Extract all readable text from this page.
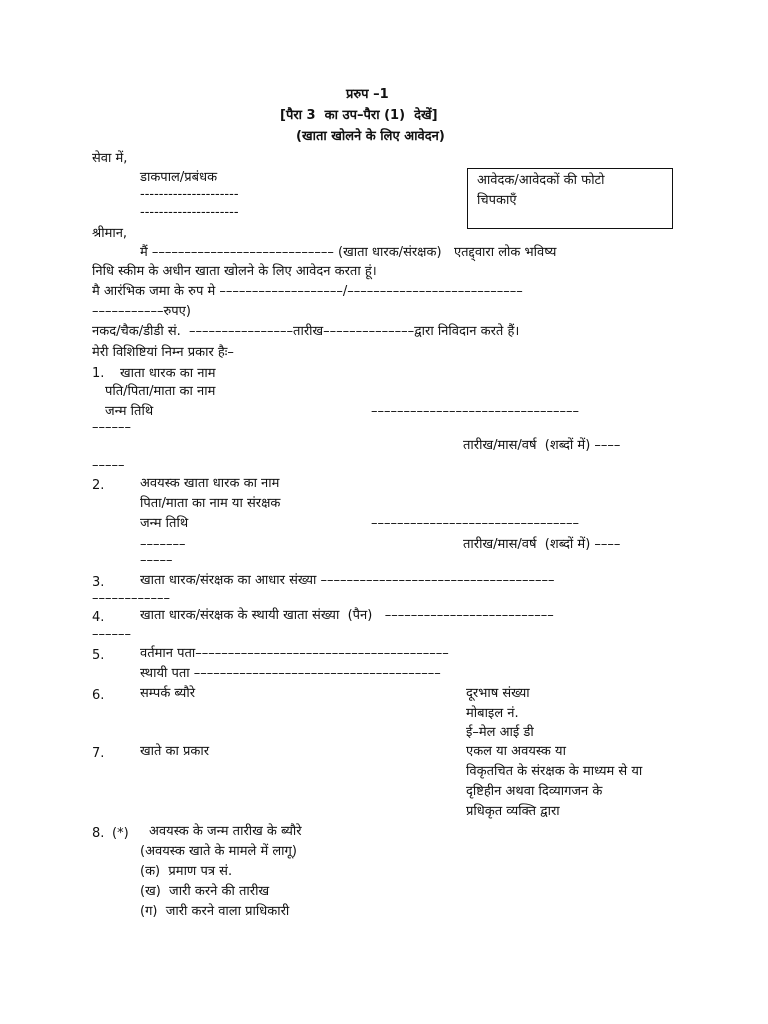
प्ररुप –1
[पैरा 3  का उप–पैरा (1)  देखें]
(खाता खोलने के लिए आवेदन)
सेवा में,
डाकपाल/प्रबंधक
---------------------
---------------------
आवेदक/आवेदकों की फोटो
चिपकाएँ
श्रीमान,
मैं –––––––––––––––––––––––––––– (खाता धारक/संरक्षक)   एतद्द्वारा लोक भविष्य
निधि स्कीम के अधीन खाता खोलने के लिए आवेदन करता हूं।
मै आरंभिक जमा के रुप मे –––––––––––––––––––/–––––––––––––––––––––––––––
–––––––––––रुपए)
नकद/चैक/डीडी सं.  ––––––––––––––––तारीख––––––––––––––द्वारा निविदान करते हैं।
मेरी विशिष्टियां निम्न प्रकार हैः–
1. खाता धारक का नाम
पति/पिता/माता का नाम
जन्म तिथि	––––––––––––––––––––––––––––––––
––––––
तारीख/मास/वर्ष  (शब्दों में) ––––
–––––
2.	अवयस्क खाता धारक का नाम
पिता/माता का नाम या संरक्षक
जन्म तिथि	––––––––––––––––––––––––––––––––
–––––––	तारीख/मास/वर्ष  (शब्दों में) ––––
–––––
3.	खाता धारक/संरक्षक का आधार संख्या ––––––––––––––––––––––––––––––––––––
––––––––––––
4.	खाता धारक/संरक्षक के स्थायी खाता संख्या  (पैन)   ––––––––––––––––––––––––––
––––––
5.	वर्तमान पता–––––––––––––––––––––––––––––––––––––––
स्थायी पता ––––––––––––––––––––––––––––––––––––––
6.	सम्पर्क ब्यौरे	दूरभाष संख्या
मोबाइल नं.
ई–मेल आई डी
7.	खाते का प्रकार	एकल या अवयस्क या
विकृतचित के संरक्षक के माध्यम से या
दृष्टिहीन अथवा दिव्यागजन के
प्रधिकृत व्यक्ति द्वारा
8. (*) अवयस्क के जन्म तारीख के ब्यौरे
(अवयस्क खाते के मामले में लागू)
(क)  प्रमाण पत्र सं.
(ख)  जारी करने की तारीख
(ग)  जारी करने वाला प्राधिकारी
